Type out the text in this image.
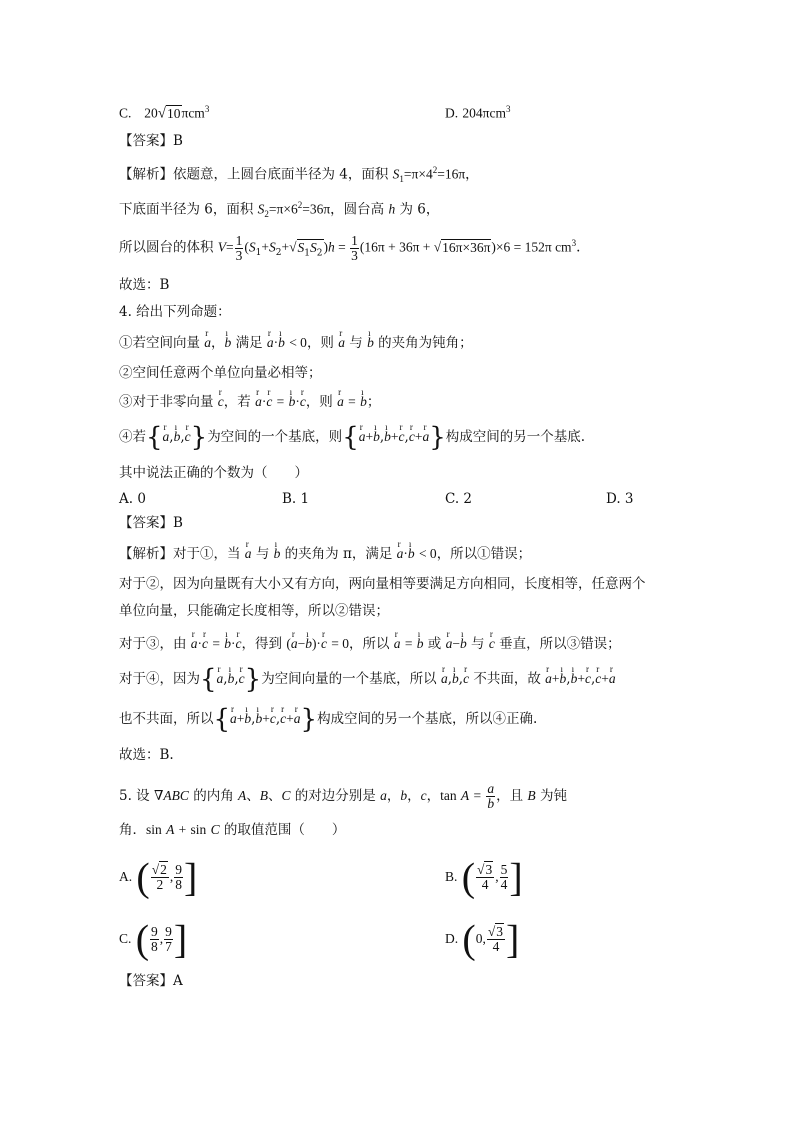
C. 20√10πcm$^3$	D. 204πcm$^3$
【答案】B
【解析】依题意，上圆台底面半径为 4，面积 $S_1=\pi\times 4^2=16\pi$，
下底面半径为 6，面积 $S_2=\pi\times 6^2=36\pi$，圆台高 h 为 6，
所以圆台的体积 $V= \frac{1}{3} (S_1+S_2+√S_1S_2)h = \frac{1}{3} (16\pi + 36\pi + √16\pi\times 36\pi)\times 6 = 152\pi$ $cm^3$.
故选：B
4. 给出下列命题：
①若空间向量 r a，ı b 满足 r a·ı b < 0，则 r a 与 ı b 的夹角为钝角；
②空间任意两个单位向量必相等；
③对于非零向量 r c，若 r a·r c = ı b·r c，则 r a = ı b；
④若{r a,ı b,r c}为空间的一个基底，则{r a+ı b,ı b+r c,r c+r a}构成空间的另一个基底.
其中说法正确的个数为（　　）
A. 0	B. 1	C. 2	D. 3
【答案】B
【解析】对于①，当 r a 与 ı b 的夹角为 π，满足 r a·ı b < 0，所以①错误；
对于②，因为向量既有大小又有方向，两向量相等要满足方向相同，长度相等，任意两个
单位向量，只能确定长度相等，所以②错误；
对于③，由 r a·r c = ı b·r c，得到 (r a−ı b)·r c = 0，所以 r a = ı b 或 r a−ı b 与 r c 垂直，所以③错误；
对于④，因为{r a,ı b,r c}为空间向量的一个基底，所以 r a,ı b,r c 不共面，故 r a+ı b,ı b+r c,r c+r a
也不共面，所以{r a+ı b,ı b+r c,r c+r a}构成空间的另一个基底，所以④正确.
故选：B.
5. 设 ∇ABC 的内角 A、B、C 的对边分别是 a，b，c，$\tan A = \frac{a}{b}$ ，且 B 为钝
角．sin A + sin C 的取值范围（　　）
A. ( $\frac{√2}{2}$ , $\frac{9}{8}$ ]	B. ( $\frac{√3}{4}$ , $\frac{5}{4}$ ]
C. ( $\frac{9}{8}$ , $\frac{9}{7}$ ]	D. (0, $\frac{√3}{4}$ ]
【答案】A
